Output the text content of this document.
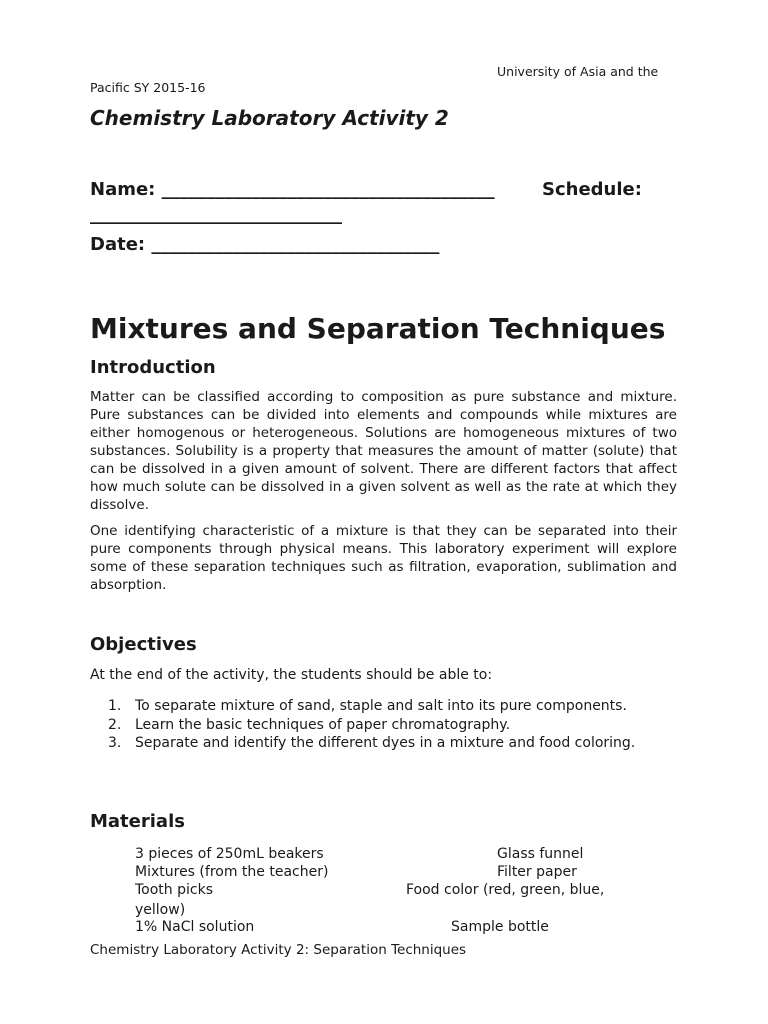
University of Asia and the
Pacific SY 2015-16
Chemistry Laboratory Activity 2
Name: _____________________________________	Schedule:
____________________________
Date: ________________________________
Mixtures and Separation Techniques
Introduction

Matter can be classified according to composition as pure substance and mixture. Pure substances can be divided into elements and compounds while mixtures are either homogenous or heterogeneous. Solutions are homogeneous mixtures of two substances. Solubility is a property that measures the amount of matter (solute) that can be dissolved in a given amount of solvent. There are different factors that affect how much solute can be dissolved in a given solvent as well as the rate at which they dissolve.

One identifying characteristic of a mixture is that they can be separated into their pure components through physical means. This laboratory experiment will explore some of these separation techniques such as filtration, evaporation, sublimation and absorption.

Objectives
At the end of the activity, the students should be able to:
1. To separate mixture of sand, staple and salt into its pure components.
2. Learn the basic techniques of paper chromatography.
3. Separate and identify the different dyes in a mixture and food coloring.
Materials
3 pieces of 250mL beakers
Mixtures (from the teacher)
Tooth picks
yellow)
1% NaCl solution
Glass funnel
Filter paper
Food color (red, green, blue,
Sample bottle
Chemistry Laboratory Activity 2: Separation Techniques
